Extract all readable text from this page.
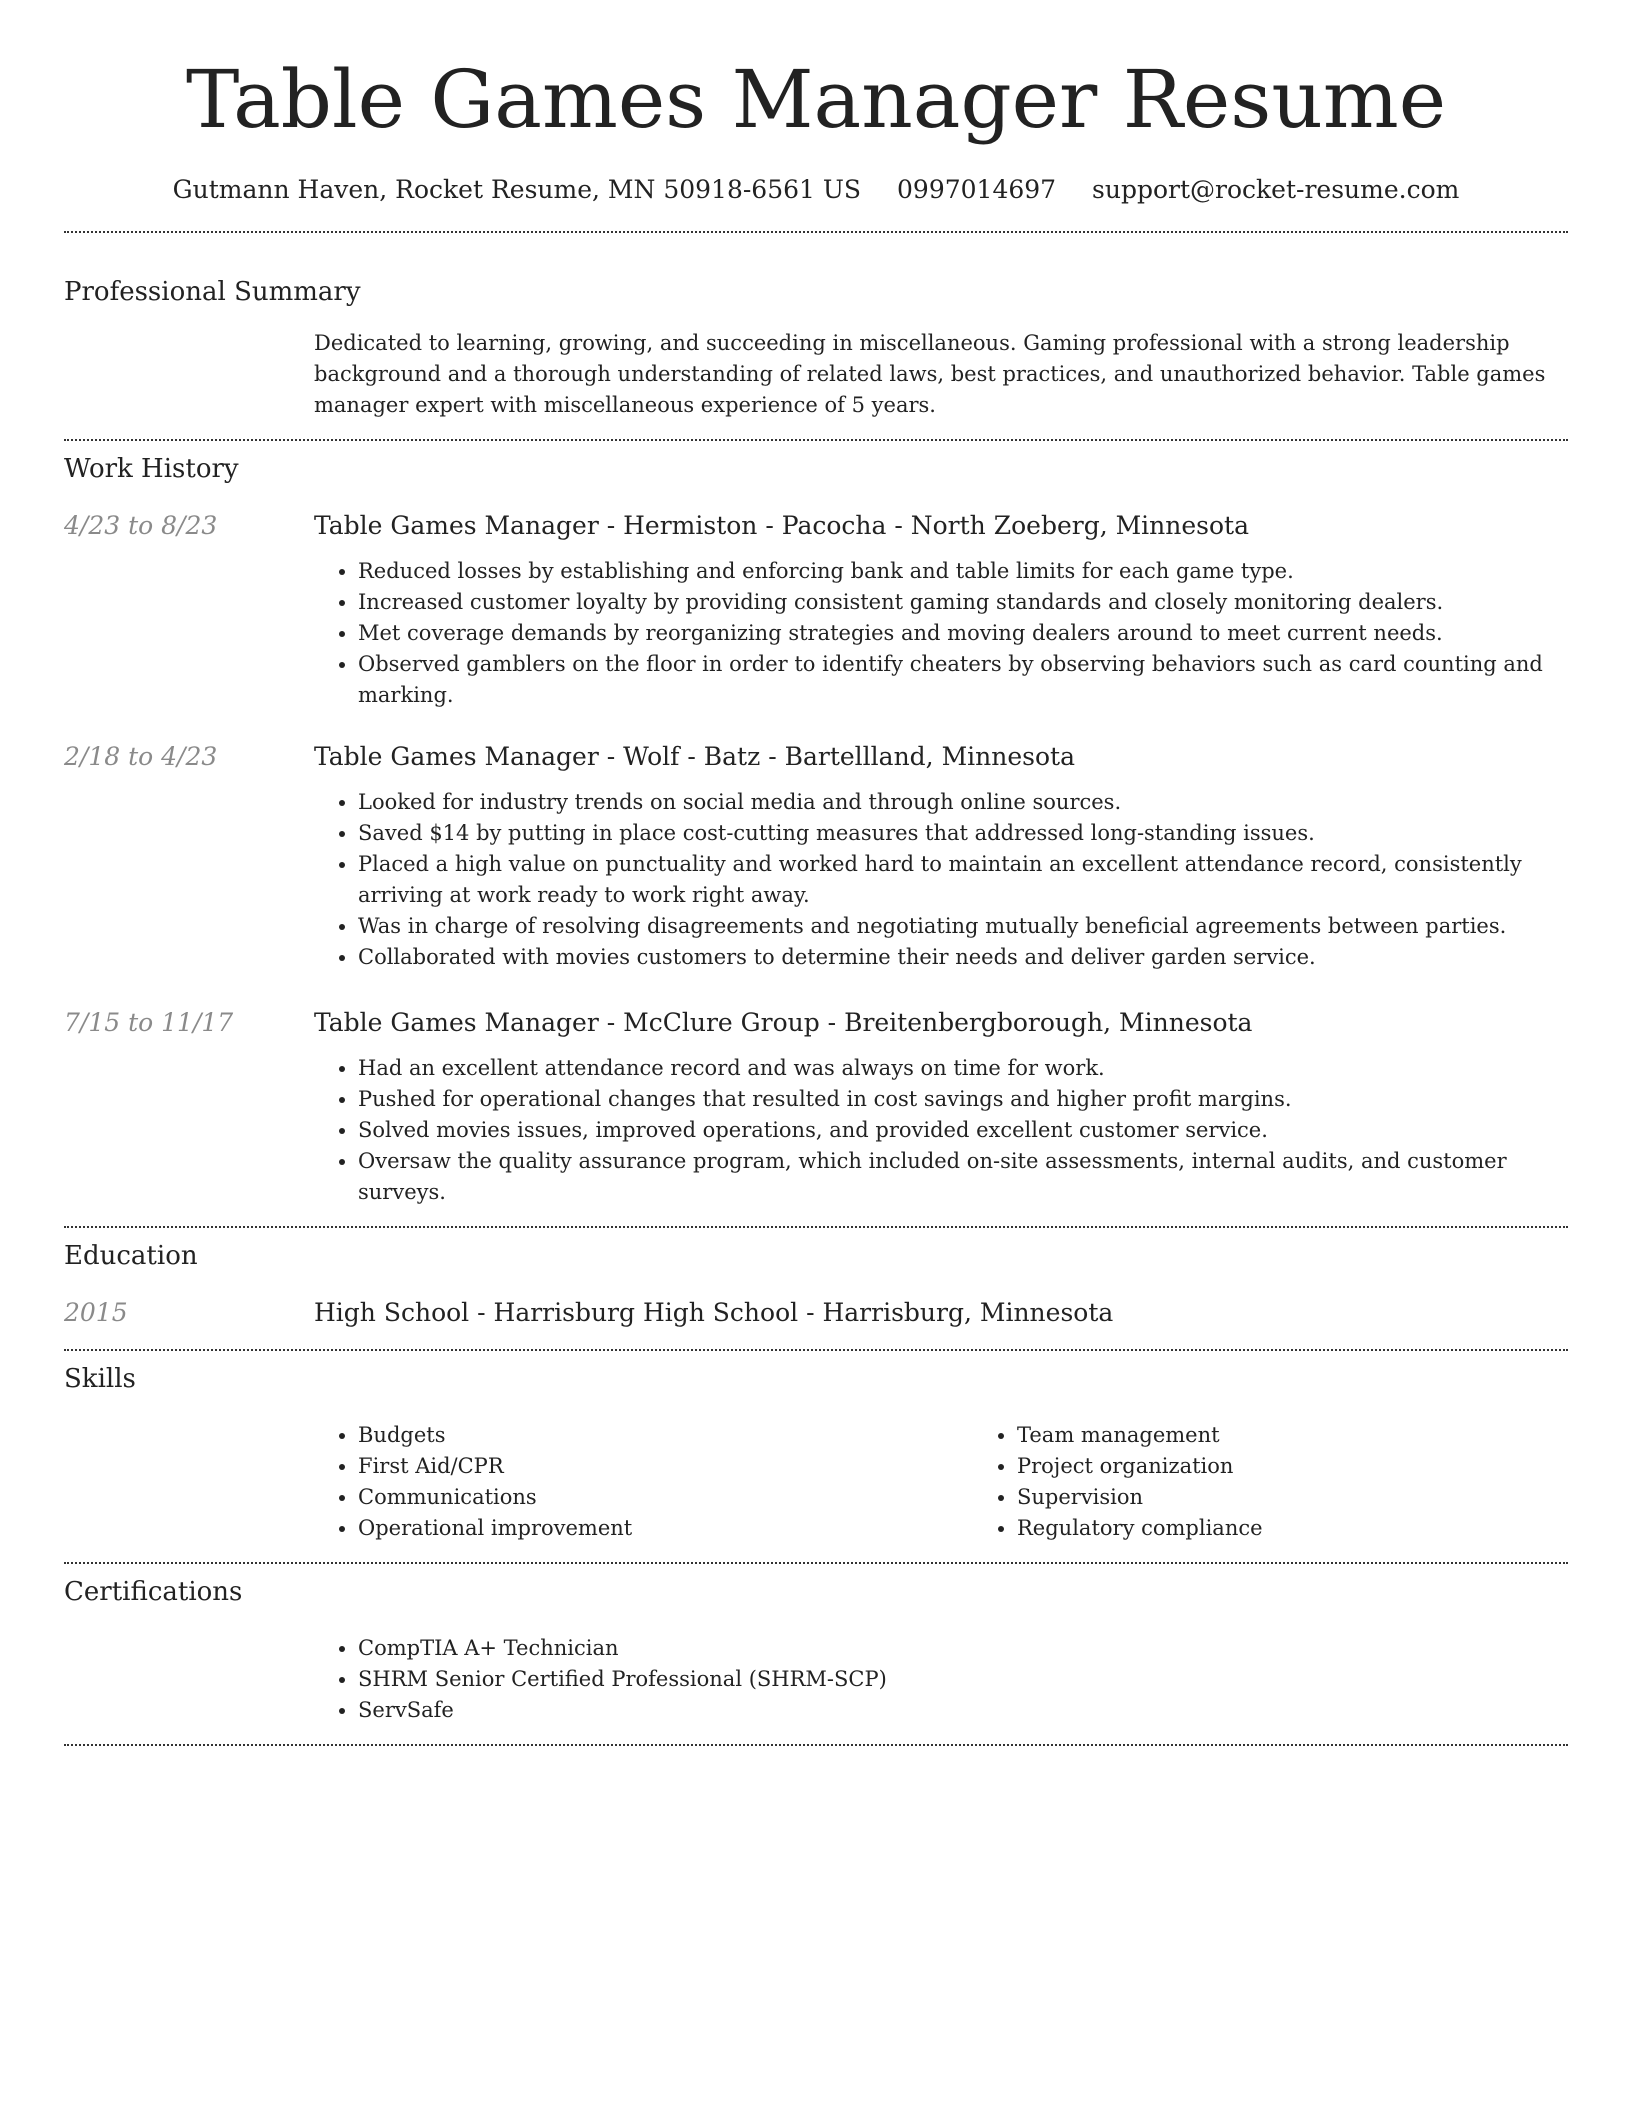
Table Games Manager Resume
Gutmann Haven, Rocket Resume, MN 50918-6561 US 0997014697 support@rocket-resume.com
Professional Summary
Dedicated to learning, growing, and succeeding in miscellaneous. Gaming professional with a strong leadership background and a thorough understanding of related laws, best practices, and unauthorized behavior. Table games manager expert with miscellaneous experience of 5 years.
Work History
4/23 to 8/23	Table Games Manager - Hermiston - Pacocha - North Zoeberg, Minnesota
• Reduced losses by establishing and enforcing bank and table limits for each game type.
• Increased customer loyalty by providing consistent gaming standards and closely monitoring dealers.
• Met coverage demands by reorganizing strategies and moving dealers around to meet current needs.
• Observed gamblers on the floor in order to identify cheaters by observing behaviors such as card counting and marking.
2/18 to 4/23	Table Games Manager - Wolf - Batz - Bartellland, Minnesota
• Looked for industry trends on social media and through online sources.
• Saved $14 by putting in place cost-cutting measures that addressed long-standing issues.
• Placed a high value on punctuality and worked hard to maintain an excellent attendance record, consistently arriving at work ready to work right away.
• Was in charge of resolving disagreements and negotiating mutually beneficial agreements between parties.
• Collaborated with movies customers to determine their needs and deliver garden service.
7/15 to 11/17	Table Games Manager - McClure Group - Breitenbergborough, Minnesota
• Had an excellent attendance record and was always on time for work.
• Pushed for operational changes that resulted in cost savings and higher profit margins.
• Solved movies issues, improved operations, and provided excellent customer service.
• Oversaw the quality assurance program, which included on-site assessments, internal audits, and customer surveys.
Education
2015	High School - Harrisburg High School - Harrisburg, Minnesota
Skills
• Budgets
• First Aid/CPR
• Communications
• Operational improvement
• Team management
• Project organization
• Supervision
• Regulatory compliance
Certifications
• CompTIA A+ Technician
• SHRM Senior Certified Professional (SHRM-SCP)
• ServSafe
